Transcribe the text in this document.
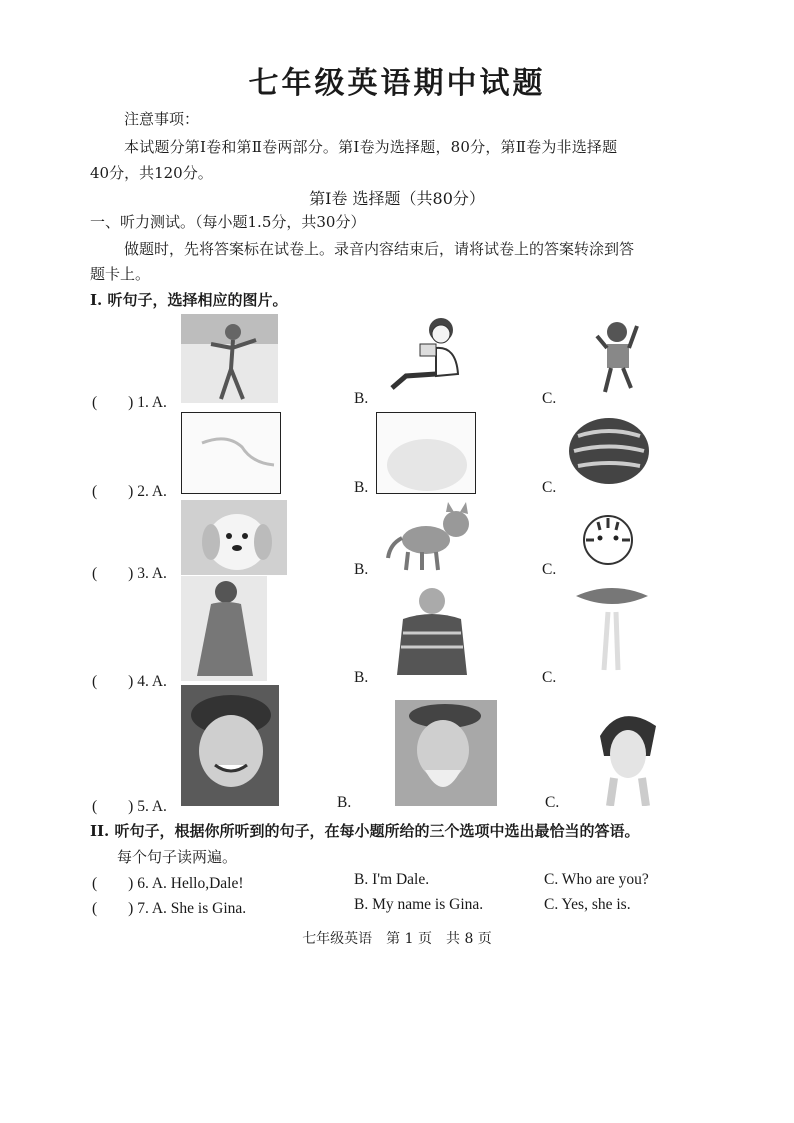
七年级英语期中试题
注意事项：
本试题分第Ⅰ卷和第Ⅱ卷两部分。第Ⅰ卷为选择题，80分，第Ⅱ卷为非选择题
40分，共120分。
第Ⅰ卷 选择题（共80分）
一、听力测试。（每小题1.5分，共30分）
做题时，先将答案标在试卷上。录音内容结束后，请将试卷上的答案转涂到答
题卡上。
I. 听句子，选择相应的图片。
(　　) 1. A.	B.	C.
(　　) 2. A.	B.	C.
(　　) 3. A.	B.	C.
(　　) 4. A.	B.	C.
(　　) 5. A.	B.	C.
II. 听句子，根据你所听到的句子，在每小题所给的三个选项中选出最恰当的答语。
每个句子读两遍。
(　　) 6. A. Hello,Dale!	B. I'm Dale.	C. Who are you?
(　　) 7. A. She is Gina.	B. My name is Gina.	C. Yes, she is.
七年级英语　第 1 页　共 8 页
